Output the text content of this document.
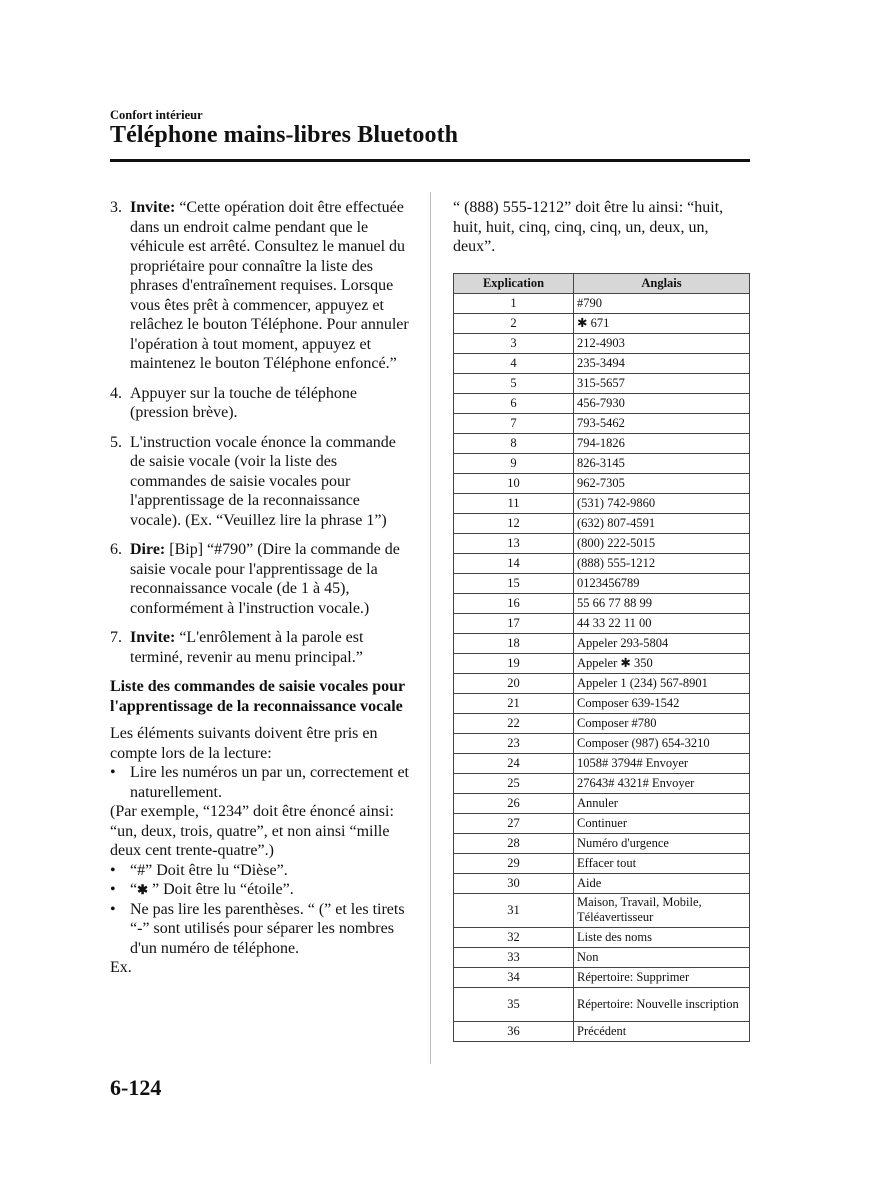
Confort intérieur
Téléphone mains-libres Bluetooth
3. Invite: “Cette opération doit être effectuée dans un endroit calme pendant que le véhicule est arrêté. Consultez le manuel du propriétaire pour connaître la liste des phrases d'entraînement requises. Lorsque vous êtes prêt à commencer, appuyez et relâchez le bouton Téléphone. Pour annuler l'opération à tout moment, appuyez et maintenez le bouton Téléphone enfoncé.”
4. Appuyer sur la touche de téléphone (pression brève).
5. L'instruction vocale énonce la commande de saisie vocale (voir la liste des commandes de saisie vocales pour l'apprentissage de la reconnaissance vocale). (Ex. “Veuillez lire la phrase 1”)
6. Dire: [Bip] “#790” (Dire la commande de saisie vocale pour l'apprentissage de la reconnaissance vocale (de 1 à 45), conformément à l'instruction vocale.)
7. Invite: “L'enrôlement à la parole est terminé, revenir au menu principal.”
Liste des commandes de saisie vocales pour l'apprentissage de la reconnaissance vocale

Les éléments suivants doivent être pris en compte lors de la lecture:

• Lire les numéros un par un, correctement et naturellement.

(Par exemple, “1234” doit être énoncé ainsi: “un, deux, trois, quatre”, et non ainsi “mille deux cent trente-quatre”.)

• “#” Doit être lu “Dièse”.
• “✱ ” Doit être lu “étoile”.
• Ne pas lire les parenthèses. “ (” et les tirets “-” sont utilisés pour séparer les nombres d'un numéro de téléphone.

Ex.

“ (888) 555-1212” doit être lu ainsi: “huit, huit, huit, cinq, cinq, cinq, un, deux, un, deux”.
Explication	Anglais
1	#790
2	✱ 671
3	212-4903
4	235-3494
5	315-5657
6	456-7930
7	793-5462
8	794-1826
9	826-3145
10	962-7305
11	(531) 742-9860
12	(632) 807-4591
13	(800) 222-5015
14	(888) 555-1212
15	0123456789
16	55 66 77 88 99
17	44 33 22 11 00
18	Appeler 293-5804
19	Appeler ✱ 350
20	Appeler 1 (234) 567-8901
21	Composer 639-1542
22	Composer #780
23	Composer (987) 654-3210
24	1058# 3794# Envoyer
25	27643# 4321# Envoyer
26	Annuler
27	Continuer
28	Numéro d'urgence
29	Effacer tout
30	Aide
31	Maison, Travail, Mobile, Téléavertisseur
32	Liste des noms
33	Non
34	Répertoire: Supprimer
35	Répertoire: Nouvelle inscription
36	Précédent
6-124
